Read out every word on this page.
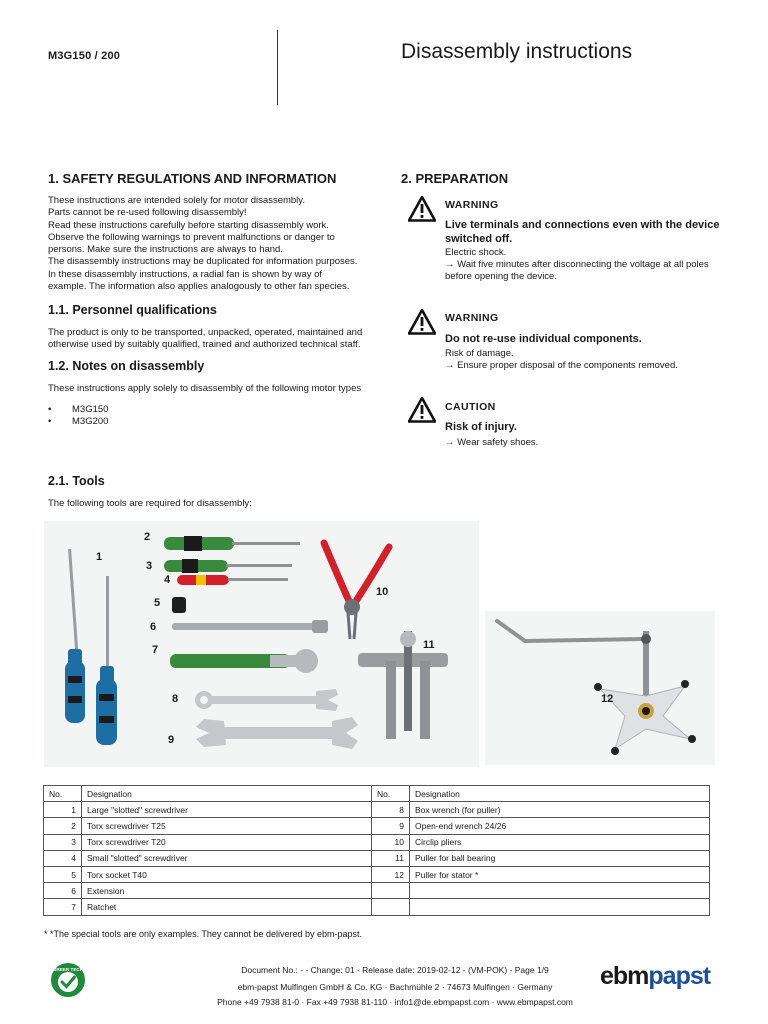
M3G150 / 200	Disassembly instructions
1. SAFETY REGULATIONS AND INFORMATION
These instructions are intended solely for motor disassembly.
Parts cannot be re-used following disassembly!
Read these instructions carefully before starting disassembly work.
Observe the following warnings to prevent malfunctions or danger to
persons. Make sure the instructions are always to hand.
The disassembly instructions may be duplicated for information purposes.
In these disassembly instructions, a radial fan is shown by way of
example. The information also applies analogously to other fan species.
1.1. Personnel qualifications
The product is only to be transported, unpacked, operated, maintained and
otherwise used by suitably qualified, trained and authorized technical staff.
1.2. Notes on disassembly
These instructions apply solely to disassembly of the following motor types
• M3G150
• M3G200
2. PREPARATION
WARNING
Live terminals and connections even with the device switched off.
Electric shock.
→ Wait five minutes after disconnecting the voltage at all poles
before opening the device.
WARNING
Do not re-use individual components.
Risk of damage.
→ Ensure proper disposal of the components removed.
CAUTION
Risk of injury.
→ Wear safety shoes.
2.1. Tools
The following tools are required for disassembly:
1
2
3
4
5
6
7
8
9
10
11
12
No.	Designation	No.	Designation
1	Large "slotted" screwdriver	8	Box wrench (for puller)
2	Torx screwdriver T25	9	Open-end wrench 24/26
3	Torx screwdriver T20	10	Circlip pliers
4	Small "slotted" screwdriver	11	Puller for ball bearing
5	Torx socket T40	12	Puller for stator *
6	Extension		
7	Ratchet		
* *The special tools are only examples. They cannot be delivered by ebm-papst.
GREEN TECH	Document No.: - - Change: 01 - Release date: 2019-02-12 - (VM-POK) - Page 1/9
ebm-papst Mulfingen GmbH & Co. KG · Bachmühle 2 · 74673 Mulfingen · Germany
Phone +49 7938 81-0 · Fax +49 7938 81-110 · info1@de.ebmpapst.com · www.ebmpapst.com
ebmpapst
